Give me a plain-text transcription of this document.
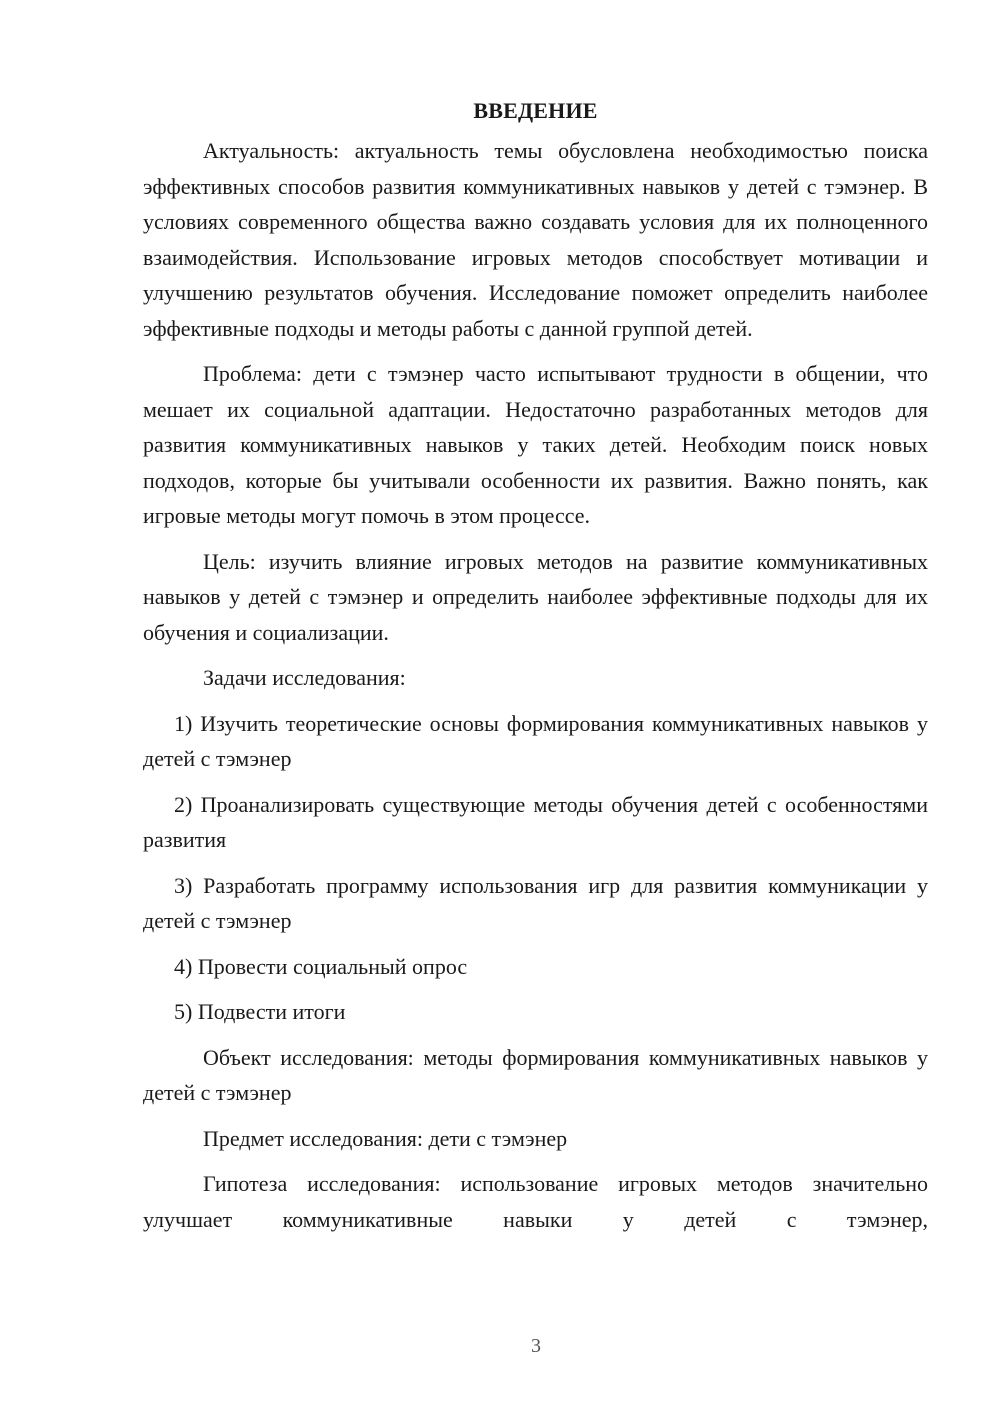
ВВЕДЕНИЕ

Актуальность: актуальность темы обусловлена необходимостью поиска эффективных способов развития коммуникативных навыков у детей с тэмэнер. В условиях современного общества важно создавать условия для их полноценного взаимодействия. Использование игровых методов способствует мотивации и улучшению результатов обучения. Исследование поможет определить наиболее эффективные подходы и методы работы с данной группой детей.

Проблема: дети с тэмэнер часто испытывают трудности в общении, что мешает их социальной адаптации. Недостаточно разработанных методов для развития коммуникативных навыков у таких детей. Необходим поиск новых подходов, которые бы учитывали особенности их развития. Важно понять, как игровые методы могут помочь в этом процессе.

Цель: изучить влияние игровых методов на развитие коммуникативных навыков у детей с тэмэнер и определить наиболее эффективные подходы для их обучения и социализации.

Задачи исследования:

1) Изучить теоретические основы формирования коммуникативных навыков у детей с тэмэнер

2) Проанализировать существующие методы обучения детей с особенностями развития

3) Разработать программу использования игр для развития коммуникации у детей с тэмэнер

4) Провести социальный опрос

5) Подвести итоги

Объект исследования: методы формирования коммуникативных навыков у детей с тэмэнер

Предмет исследования: дети с тэмэнер

Гипотеза исследования: использование игровых методов значительно улучшает коммуникативные навыки у детей с тэмэнер,

3
